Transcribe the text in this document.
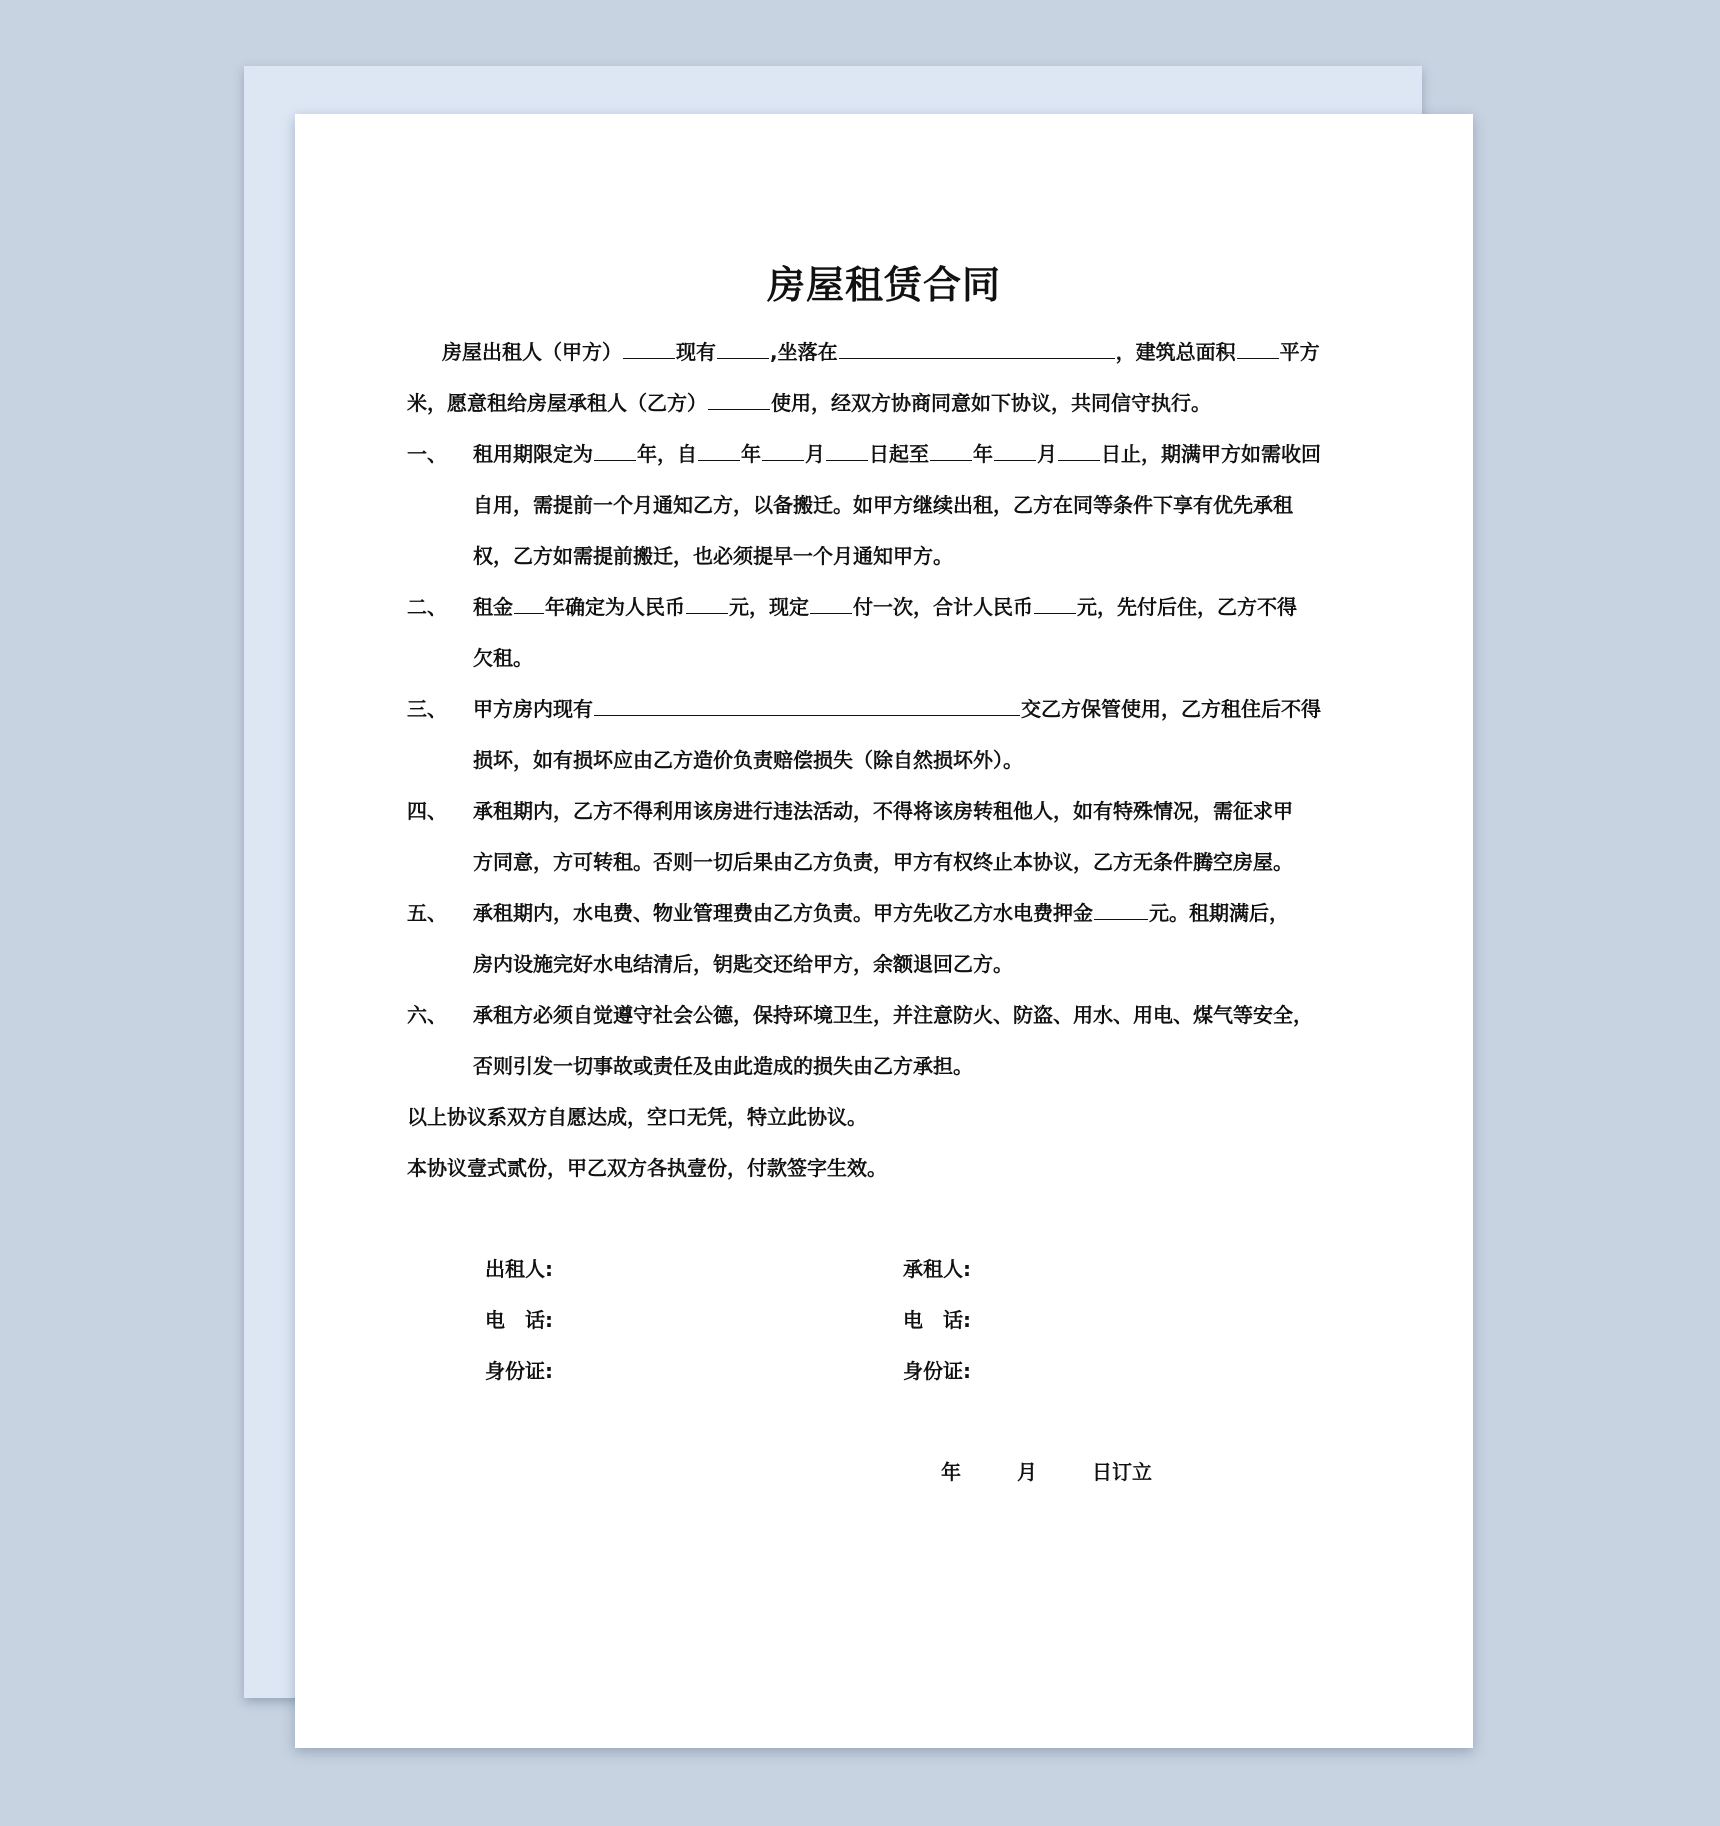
房屋租赁合同
房屋出租人（甲方）	现有	,坐落在	，建筑总面积 平方
米，愿意租给房屋承租人（乙方）	使用，经双方协商同意如下协议，共同信守执行。
一、 租用期限定为 年，自 年 月 日起至 年 月 日止，期满甲方如需收回
自用，需提前一个月通知乙方，以备搬迁。如甲方继续出租，乙方在同等条件下享有优先承租
权，乙方如需提前搬迁，也必须提早一个月通知甲方。
二、 租金 年确定为人民币 元，现定 付一次，合计人民币 元，先付后住，乙方不得
欠租。
三、 甲方房内现有	交乙方保管使用，乙方租住后不得
损坏，如有损坏应由乙方造价负责赔偿损失（除自然损坏外）。
四、 承租期内，乙方不得利用该房进行违法活动，不得将该房转租他人，如有特殊情况，需征求甲
方同意，方可转租。否则一切后果由乙方负责，甲方有权终止本协议，乙方无条件腾空房屋。
五、 承租期内，水电费、物业管理费由乙方负责。甲方先收乙方水电费押金	元。租期满后，
房内设施完好水电结清后，钥匙交还给甲方，余额退回乙方。
六、 承租方必须自觉遵守社会公德，保持环境卫生，并注意防火、防盗、用水、用电、煤气等安全，
否则引发一切事故或责任及由此造成的损失由乙方承担。
以上协议系双方自愿达成，空口无凭，特立此协议。
本协议壹式贰份，甲乙双方各执壹份，付款签字生效。
出租人:	承租人:
电　话:	电　话:
身份证:	身份证:
年	月	日订立
